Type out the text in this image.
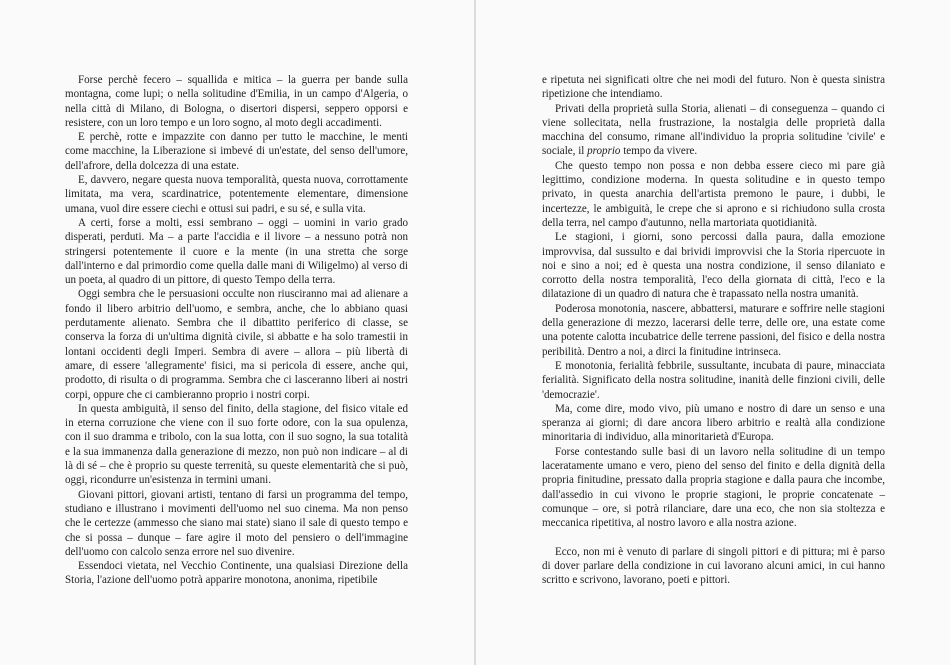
Forse perchè fecero – squallida e mitica – la guerra per bande sulla montagna, come lupi; o nella solitudine d'Emilia, in un campo d'Algeria, o nella città di Milano, di Bologna, o disertori dispersi, seppero opporsi e resistere, con un loro tempo e un loro sogno, al moto degli accadimenti.

E perchè, rotte e impazzite con danno per tutto le macchine, le menti come macchine, la Liberazione si imbevé di un'estate, del senso dell'umore, dell'afrore, della dolcezza di una estate.

E, davvero, negare questa nuova temporalità, questa nuova, corrottamente limitata, ma vera, scardinatrice, potentemente elementare, dimensione umana, vuol dire essere ciechi e ottusi sui padri, e su sé, e sulla vita.

A certi, forse a molti, essi sembrano – oggi – uomini in vario grado disperati, perduti. Ma – a parte l'accidia e il livore – a nessuno potrà non stringersi potentemente il cuore e la mente (in una stretta che sorge dall'interno e dal primordio come quella dalle mani di Wiligelmo) al verso di un poeta, al quadro di un pittore, di questo Tempo della terra.

Oggi sembra che le persuasioni occulte non riusciranno mai ad alienare a fondo il libero arbitrio dell'uomo, e sembra, anche, che lo abbiano quasi perdutamente alienato. Sembra che il dibattito periferico di classe, se conserva la forza di un'ultima dignità civile, si abbatte e ha solo tramestii in lontani occidenti degli Imperi. Sembra di avere – allora – più libertà di amare, di essere 'allegramente' fisici, ma si pericola di essere, anche qui, prodotto, di risulta o di programma. Sembra che ci lasceranno liberi ai nostri corpi, oppure che ci cambieranno proprio i nostri corpi.

In questa ambiguità, il senso del finito, della stagione, del fisico vitale ed in eterna corruzione che viene con il suo forte odore, con la sua opulenza, con il suo dramma e tribolo, con la sua lotta, con il suo sogno, la sua totalità e la sua immanenza dalla generazione di mezzo, non può non indicare – al di là di sé – che è proprio su queste terrenità, su queste elementarità che si può, oggi, ricondurre un'esistenza in termini umani.

Giovani pittori, giovani artisti, tentano di farsi un programma del tempo, studiano e illustrano i movimenti dell'uomo nel suo cinema. Ma non penso che le certezze (ammesso che siano mai state) siano il sale di questo tempo e che si possa – dunque – fare agire il moto del pensiero o dell'immagine dell'uomo con calcolo senza errore nel suo divenire.

Essendoci vietata, nel Vecchio Continente, una qualsiasi Direzione della Storia, l'azione dell'uomo potrà apparire monotona, anonima, ripetibile

e ripetuta nei significati oltre che nei modi del futuro. Non è questa sinistra ripetizione che intendiamo.

Privati della proprietà sulla Storia, alienati – di conseguenza – quando ci viene sollecitata, nella frustrazione, la nostalgia delle proprietà dalla macchina del consumo, rimane all'individuo la propria solitudine 'civile' e sociale, il proprio tempo da vivere.

Che questo tempo non possa e non debba essere cieco mi pare già legittimo, condizione moderna. In questa solitudine e in questo tempo privato, in questa anarchia dell'artista premono le paure, i dubbi, le incertezze, le ambiguità, le crepe che si aprono e si richiudono sulla crosta della terra, nel campo d'autunno, nella martoriata quotidianità.

Le stagioni, i giorni, sono percossi dalla paura, dalla emozione improvvisa, dal sussulto e dai brividi improvvisi che la Storia ripercuote in noi e sino a noi; ed è questa una nostra condizione, il senso dilaniato e corrotto della nostra temporalità, l'eco della giornata di città, l'eco e la dilatazione di un quadro di natura che è trapassato nella nostra umanità.

Poderosa monotonia, nascere, abbattersi, maturare e soffrire nelle stagioni della generazione di mezzo, lacerarsi delle terre, delle ore, una estate come una potente calotta incubatrice delle terrene passioni, del fisico e della nostra peribilità. Dentro a noi, a dirci la finitudine intrinseca.

E monotonia, ferialità febbrile, sussultante, incubata di paure, minacciata ferialità. Significato della nostra solitudine, inanità delle finzioni civili, delle 'democrazie'.

Ma, come dire, modo vivo, più umano e nostro di dare un senso e una speranza ai giorni; di dare ancora libero arbitrio e realtà alla condizione minoritaria di individuo, alla minoritarietà d'Europa.

Forse contestando sulle basi di un lavoro nella solitudine di un tempo laceratamente umano e vero, pieno del senso del finito e della dignità della propria finitudine, pressato dalla propria stagione e dalla paura che incombe, dall'assedio in cui vivono le proprie stagioni, le proprie concatenate – comunque – ore, si potrà rilanciare, dare una eco, che non sia stoltezza e meccanica ripetitiva, al nostro lavoro e alla nostra azione.

Ecco, non mi è venuto di parlare di singoli pittori e di pittura; mi è parso di dover parlare della condizione in cui lavorano alcuni amici, in cui hanno scritto e scrivono, lavorano, poeti e pittori.
